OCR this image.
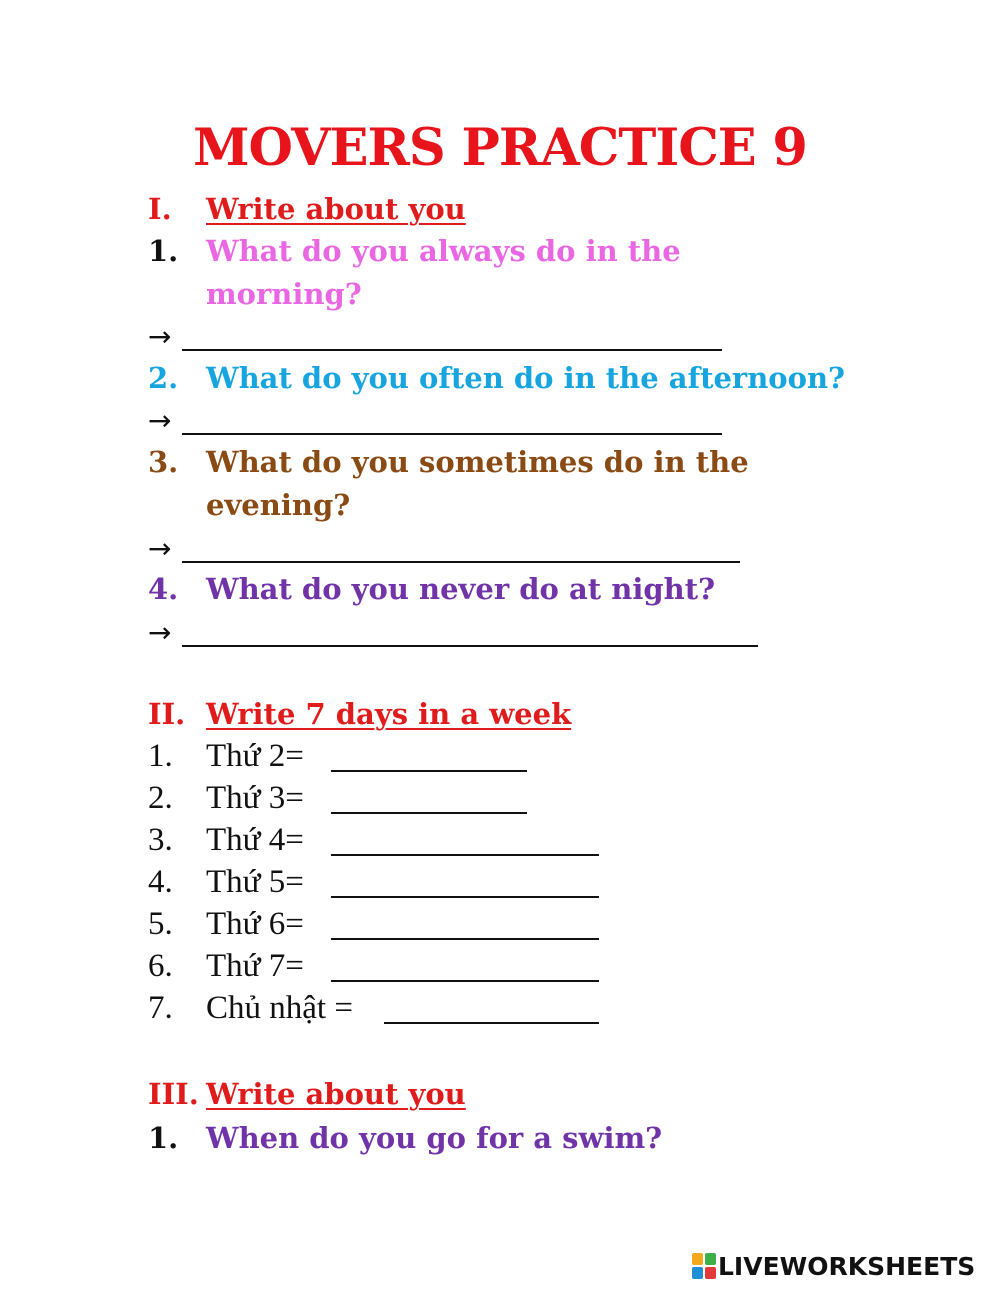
MOVERS PRACTICE 9
I. Write about you
1. What do you always do in the
morning?
→
2. What do you often do in the afternoon?
→
3. What do you sometimes do in the
evening?
→
4. What do you never do at night?
→
II. Write 7 days in a week
1. Thứ 2=
2. Thứ 3=
3. Thứ 4=
4. Thứ 5=
5. Thứ 6=
6. Thứ 7=
7. Chủ nhật =
III. Write about you
1. When do you go for a swim?
LIVEWORKSHEETS
